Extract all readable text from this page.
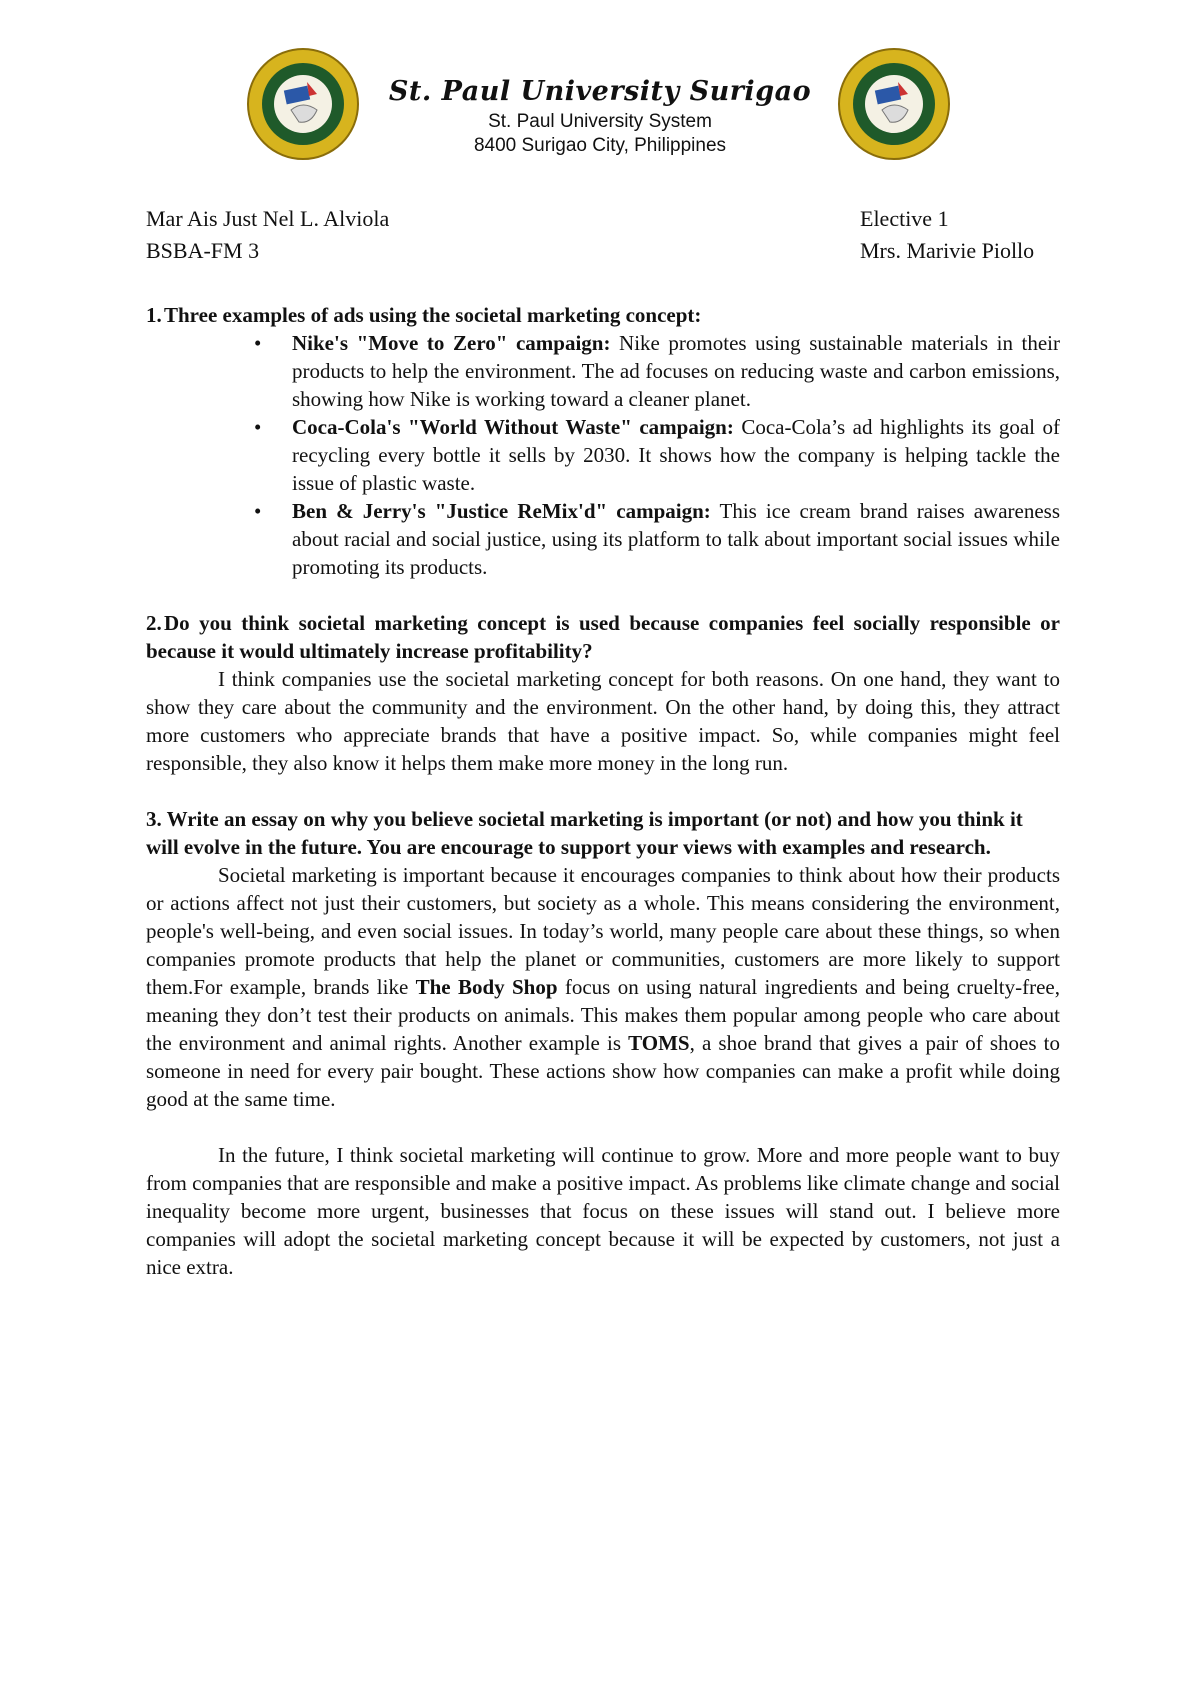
St. Paul University Surigao
St. Paul University System
8400 Surigao City, Philippines
Mar Ais Just Nel L. Alviola
BSBA-FM 3
Elective 1
Mrs. Marivie Piollo

1. Three examples of ads using the societal marketing concept:

• Nike's "Move to Zero" campaign: Nike promotes using sustainable materials in their products to help the environment. The ad focuses on reducing waste and carbon emissions, showing how Nike is working toward a cleaner planet.
• Coca-Cola's "World Without Waste" campaign: Coca-Cola’s ad highlights its goal of recycling every bottle it sells by 2030. It shows how the company is helping tackle the issue of plastic waste.
• Ben & Jerry's "Justice ReMix'd" campaign: This ice cream brand raises awareness about racial and social justice, using its platform to talk about important social issues while promoting its products.

2. Do you think societal marketing concept is used because companies feel socially responsible or because it would ultimately increase profitability?

I think companies use the societal marketing concept for both reasons. On one hand, they want to show they care about the community and the environment. On the other hand, by doing this, they attract more customers who appreciate brands that have a positive impact. So, while companies might feel responsible, they also know it helps them make more money in the long run.

3. Write an essay on why you believe societal marketing is important (or not) and how you think it will evolve in the future. You are encourage to support your views with examples and research.

Societal marketing is important because it encourages companies to think about how their products or actions affect not just their customers, but society as a whole. This means considering the environment, people's well-being, and even social issues. In today’s world, many people care about these things, so when companies promote products that help the planet or communities, customers are more likely to support them.For example, brands like The Body Shop focus on using natural ingredients and being cruelty-free, meaning they don’t test their products on animals. This makes them popular among people who care about the environment and animal rights. Another example is TOMS, a shoe brand that gives a pair of shoes to someone in need for every pair bought. These actions show how companies can make a profit while doing good at the same time.

In the future, I think societal marketing will continue to grow. More and more people want to buy from companies that are responsible and make a positive impact. As problems like climate change and social inequality become more urgent, businesses that focus on these issues will stand out. I believe more companies will adopt the societal marketing concept because it will be expected by customers, not just a nice extra.
